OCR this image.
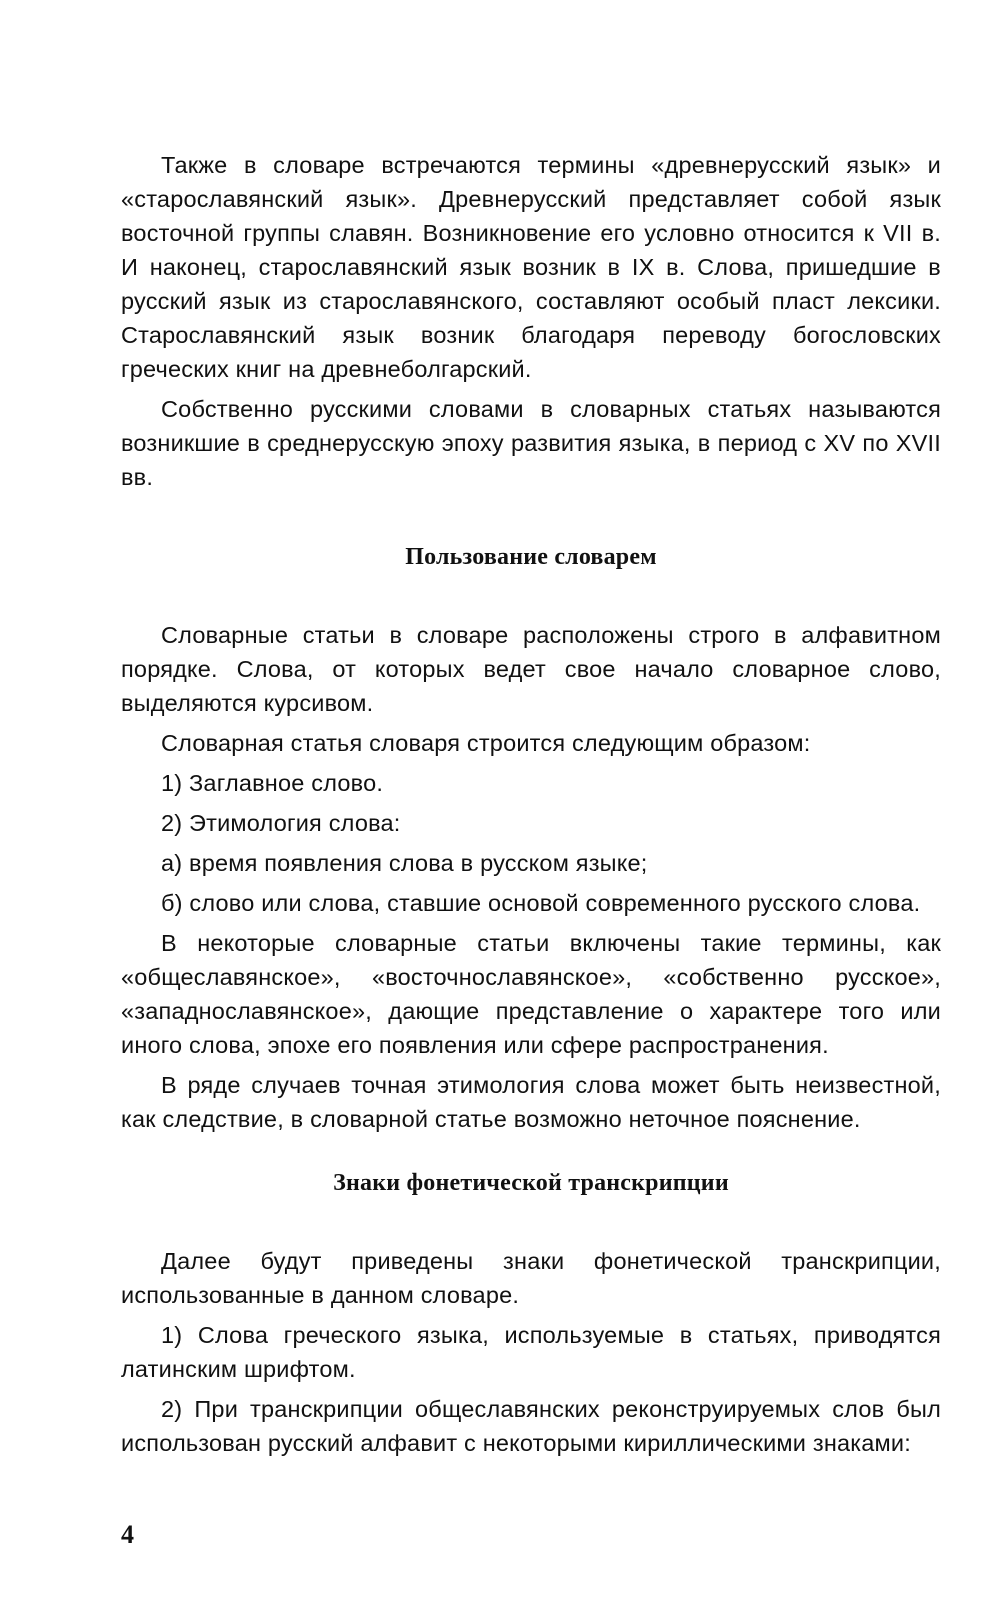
Также в словаре встречаются термины «древнерусский язык» и «старославянский язык». Древнерусский представляет собой язык восточной группы славян. Возникновение его условно относится к VII в. И наконец, старославянский язык возник в IX в. Слова, пришедшие в русский язык из старославянского, составляют особый пласт лексики. Старославянский язык возник благодаря переводу богословских греческих книг на древнеболгарский.

Собственно русскими словами в словарных статьях называются возникшие в среднерусскую эпоху развития языка, в период с XV по XVII вв.

Пользование словарем

Словарные статьи в словаре расположены строго в алфавитном порядке. Слова, от которых ведет свое начало словарное слово, выделяются курсивом.

Словарная статья словаря строится следующим образом:

1) Заглавное слово.

2) Этимология слова:

а) время появления слова в русском языке;

б) слово или слова, ставшие основой современного русского слова.

В некоторые словарные статьи включены такие термины, как «общеславянское», «восточнославянское», «собственно русское», «западнославянское», дающие представление о характере того или иного слова, эпохе его появления или сфере распространения.

В ряде случаев точная этимология слова может быть неизвестной, как следствие, в словарной статье возможно неточное пояснение.

Знаки фонетической транскрипции

Далее будут приведены знаки фонетической транскрипции, использованные в данном словаре.

1) Слова греческого языка, используемые в статьях, приводятся латинским шрифтом.

2) При транскрипции общеславянских реконструируемых слов был использован русский алфавит с некоторыми кириллическими знаками:

4
